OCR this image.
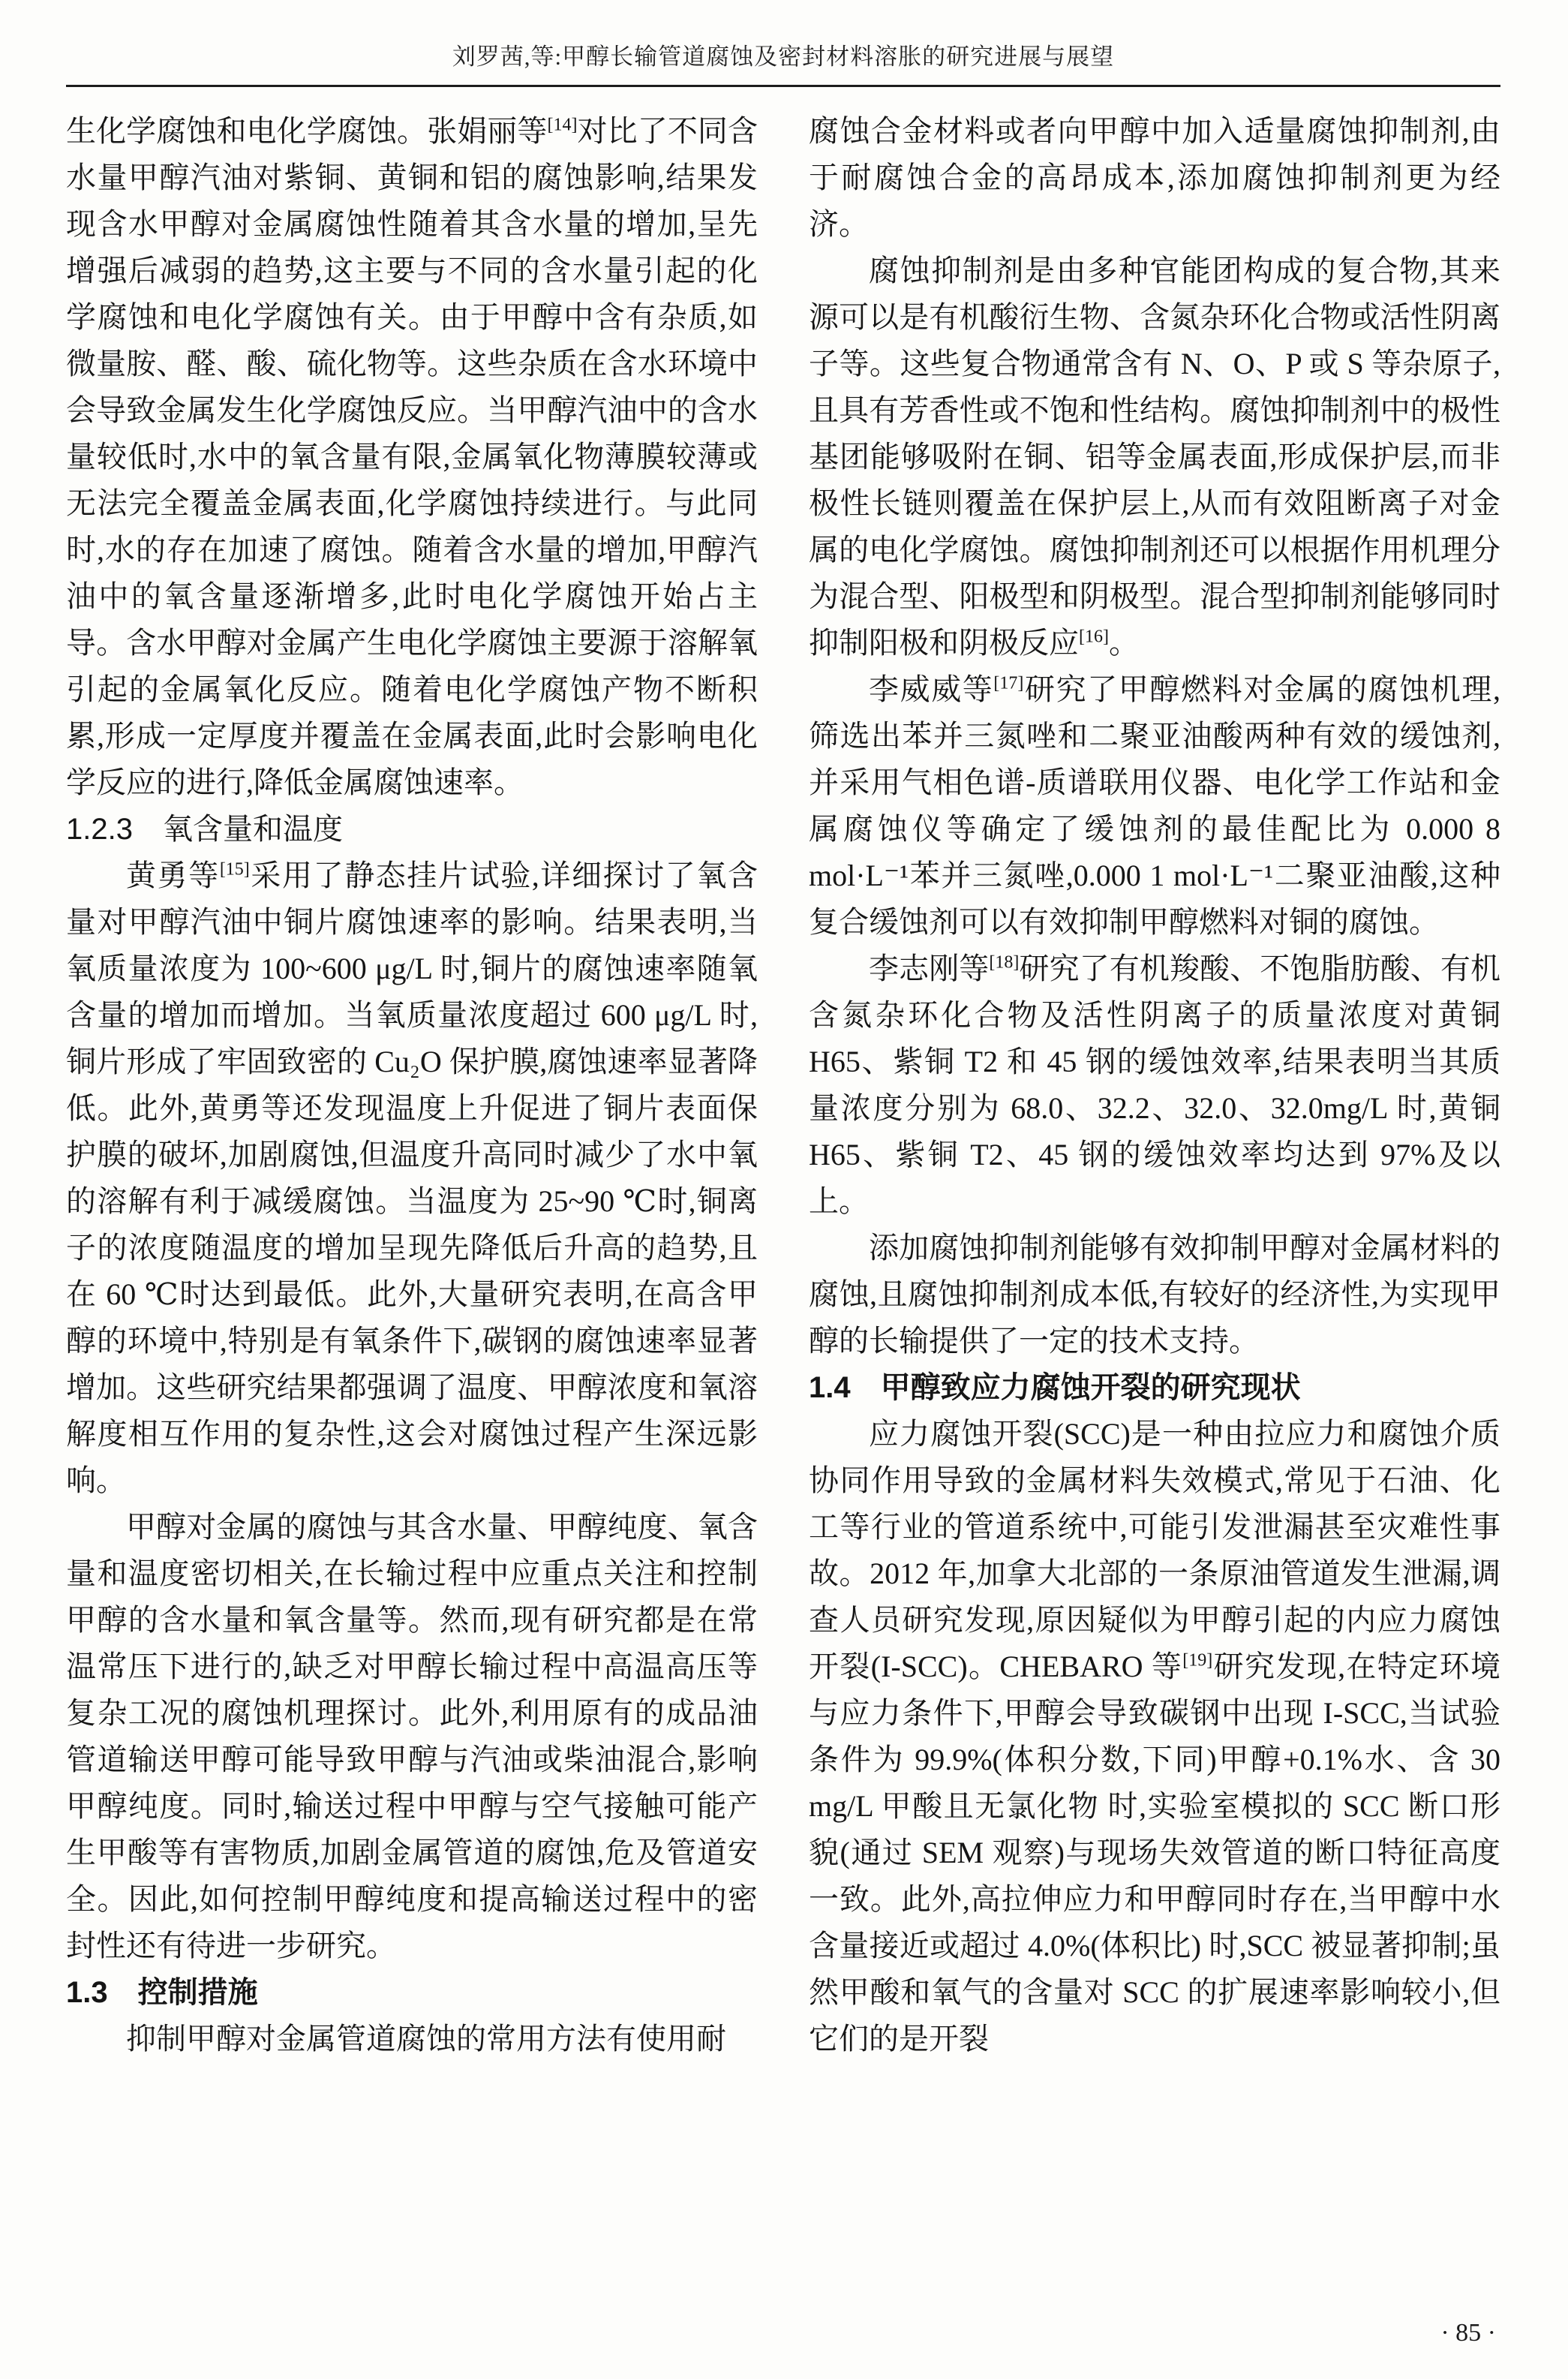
刘罗茜,等:甲醇长输管道腐蚀及密封材料溶胀的研究进展与展望

生化学腐蚀和电化学腐蚀。张娟丽等[14]对比了不同含水量甲醇汽油对紫铜、黄铜和铝的腐蚀影响,结果发现含水甲醇对金属腐蚀性随着其含水量的增加,呈先增强后减弱的趋势,这主要与不同的含水量引起的化学腐蚀和电化学腐蚀有关。由于甲醇中含有杂质,如微量胺、醛、酸、硫化物等。这些杂质在含水环境中会导致金属发生化学腐蚀反应。当甲醇汽油中的含水量较低时,水中的氧含量有限,金属氧化物薄膜较薄或无法完全覆盖金属表面,化学腐蚀持续进行。与此同时,水的存在加速了腐蚀。随着含水量的增加,甲醇汽油中的氧含量逐渐增多,此时电化学腐蚀开始占主导。含水甲醇对金属产生电化学腐蚀主要源于溶解氧引起的金属氧化反应。随着电化学腐蚀产物不断积累,形成一定厚度并覆盖在金属表面,此时会影响电化学反应的进行,降低金属腐蚀速率。

1.2.3　氧含量和温度

黄勇等[15]采用了静态挂片试验,详细探讨了氧含量对甲醇汽油中铜片腐蚀速率的影响。结果表明,当氧质量浓度为 100~600 μg/L 时,铜片的腐蚀速率随氧含量的增加而增加。当氧质量浓度超过 600 μg/L 时,铜片形成了牢固致密的 Cu₂O 保护膜,腐蚀速率显著降低。此外,黄勇等还发现温度上升促进了铜片表面保护膜的破坏,加剧腐蚀,但温度升高同时减少了水中氧的溶解有利于减缓腐蚀。当温度为 25~90 ℃时,铜离子的浓度随温度的增加呈现先降低后升高的趋势,且在 60 ℃时达到最低。此外,大量研究表明,在高含甲醇的环境中,特别是有氧条件下,碳钢的腐蚀速率显著增加。这些研究结果都强调了温度、甲醇浓度和氧溶解度相互作用的复杂性,这会对腐蚀过程产生深远影响。

甲醇对金属的腐蚀与其含水量、甲醇纯度、氧含量和温度密切相关,在长输过程中应重点关注和控制甲醇的含水量和氧含量等。然而,现有研究都是在常温常压下进行的,缺乏对甲醇长输过程中高温高压等复杂工况的腐蚀机理探讨。此外,利用原有的成品油管道输送甲醇可能导致甲醇与汽油或柴油混合,影响甲醇纯度。同时,输送过程中甲醇与空气接触可能产生甲酸等有害物质,加剧金属管道的腐蚀,危及管道安全。因此,如何控制甲醇纯度和提高输送过程中的密封性还有待进一步研究。

1.3　控制措施

抑制甲醇对金属管道腐蚀的常用方法有使用耐

腐蚀合金材料或者向甲醇中加入适量腐蚀抑制剂,由于耐腐蚀合金的高昂成本,添加腐蚀抑制剂更为经济。

腐蚀抑制剂是由多种官能团构成的复合物,其来源可以是有机酸衍生物、含氮杂环化合物或活性阴离子等。这些复合物通常含有 N、O、P 或 S 等杂原子,且具有芳香性或不饱和性结构。腐蚀抑制剂中的极性基团能够吸附在铜、铝等金属表面,形成保护层,而非极性长链则覆盖在保护层上,从而有效阻断离子对金属的电化学腐蚀。腐蚀抑制剂还可以根据作用机理分为混合型、阳极型和阴极型。混合型抑制剂能够同时抑制阳极和阴极反应[16]。

李威威等[17]研究了甲醇燃料对金属的腐蚀机理,筛选出苯并三氮唑和二聚亚油酸两种有效的缓蚀剂,并采用气相色谱-质谱联用仪器、电化学工作站和金属腐蚀仪等确定了缓蚀剂的最佳配比为 0.000 8 mol·L⁻¹苯并三氮唑,0.000 1 mol·L⁻¹二聚亚油酸,这种复合缓蚀剂可以有效抑制甲醇燃料对铜的腐蚀。

李志刚等[18]研究了有机羧酸、不饱脂肪酸、有机含氮杂环化合物及活性阴离子的质量浓度对黄铜 H65、紫铜 T2 和 45 钢的缓蚀效率,结果表明当其质量浓度分别为 68.0、32.2、32.0、32.0mg/L 时,黄铜 H65、紫铜 T2、45 钢的缓蚀效率均达到 97%及以上。

添加腐蚀抑制剂能够有效抑制甲醇对金属材料的腐蚀,且腐蚀抑制剂成本低,有较好的经济性,为实现甲醇的长输提供了一定的技术支持。

1.4　甲醇致应力腐蚀开裂的研究现状

应力腐蚀开裂(SCC)是一种由拉应力和腐蚀介质协同作用导致的金属材料失效模式,常见于石油、化工等行业的管道系统中,可能引发泄漏甚至灾难性事故。2012 年,加拿大北部的一条原油管道发生泄漏,调查人员研究发现,原因疑似为甲醇引起的内应力腐蚀开裂(I-SCC)。CHEBARO 等[19]研究发现,在特定环境与应力条件下,甲醇会导致碳钢中出现 I-SCC,当试验条件为 99.9%(体积分数,下同)甲醇+0.1%水、含 30 mg/L 甲酸且无氯化物 时,实验室模拟的 SCC 断口形貌(通过 SEM 观察)与现场失效管道的断口特征高度一致。此外,高拉伸应力和甲醇同时存在,当甲醇中水含量接近或超过 4.0%(体积比) 时,SCC 被显著抑制;虽然甲酸和氧气的含量对 SCC 的扩展速率影响较小,但它们的是开裂

· 85 ·
